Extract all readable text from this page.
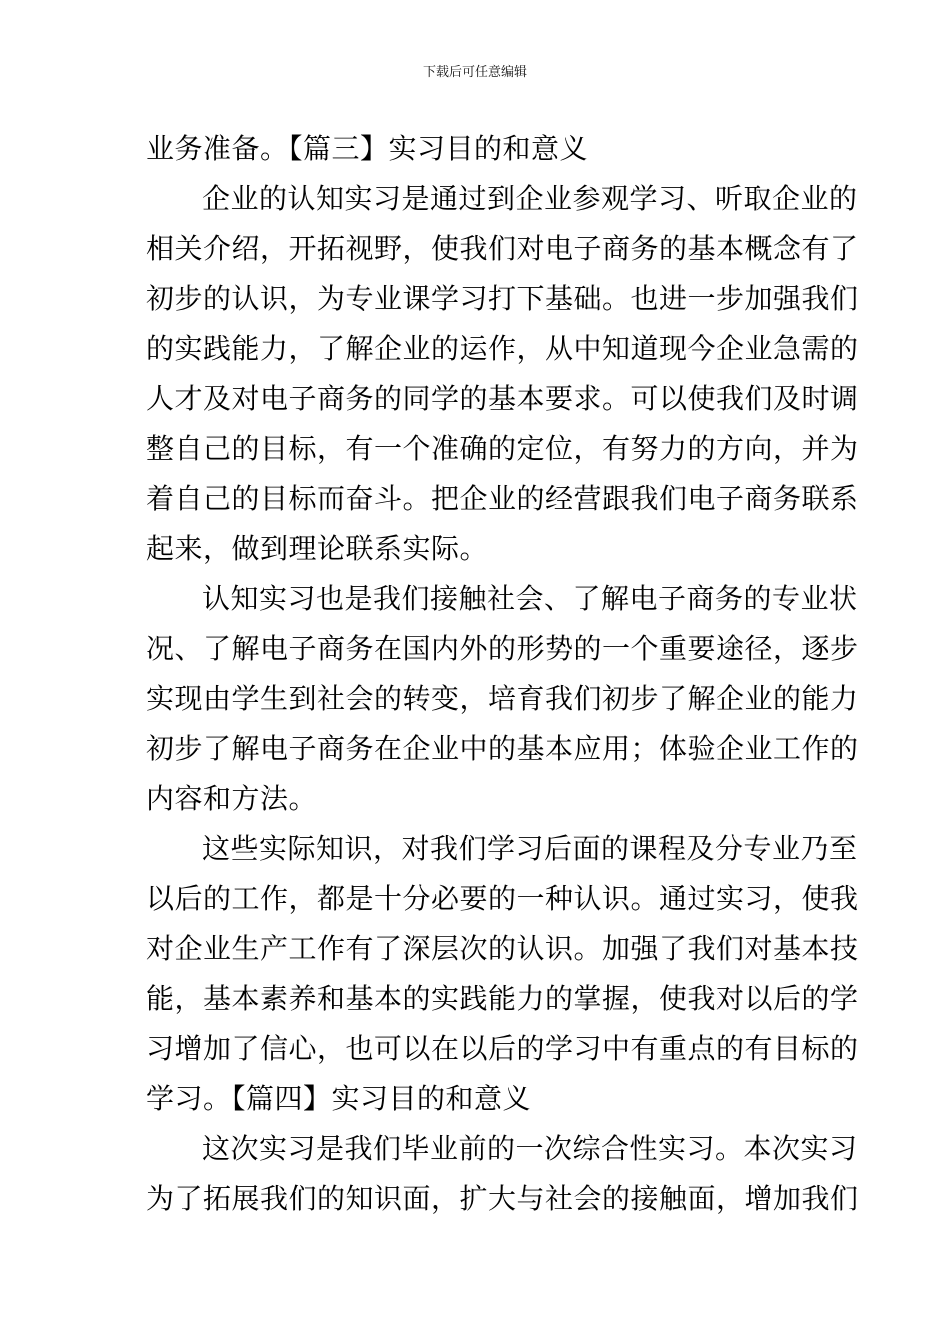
下载后可任意编辑
业务准备。【篇三】实习目的和意义
企业的认知实习是通过到企业参观学习、听取企业的
相关介绍，开拓视野，使我们对电子商务的基本概念有了
初步的认识，为专业课学习打下基础。也进一步加强我们
的实践能力，了解企业的运作，从中知道现今企业急需的
人才及对电子商务的同学的基本要求。可以使我们及时调
整自己的目标，有一个准确的定位，有努力的方向，并为
着自己的目标而奋斗。把企业的经营跟我们电子商务联系
起来，做到理论联系实际。
认知实习也是我们接触社会、了解电子商务的专业状
况、了解电子商务在国内外的形势的一个重要途径，逐步
实现由学生到社会的转变，培育我们初步了解企业的能力
初步了解电子商务在企业中的基本应用；体验企业工作的
内容和方法。
这些实际知识，对我们学习后面的课程及分专业乃至
以后的工作，都是十分必要的一种认识。通过实习，使我
对企业生产工作有了深层次的认识。加强了我们对基本技
能，基本素养和基本的实践能力的掌握，使我对以后的学
习增加了信心，也可以在以后的学习中有重点的有目标的
学习。【篇四】实习目的和意义
这次实习是我们毕业前的一次综合性实习。本次实习
为了拓展我们的知识面，扩大与社会的接触面，增加我们
